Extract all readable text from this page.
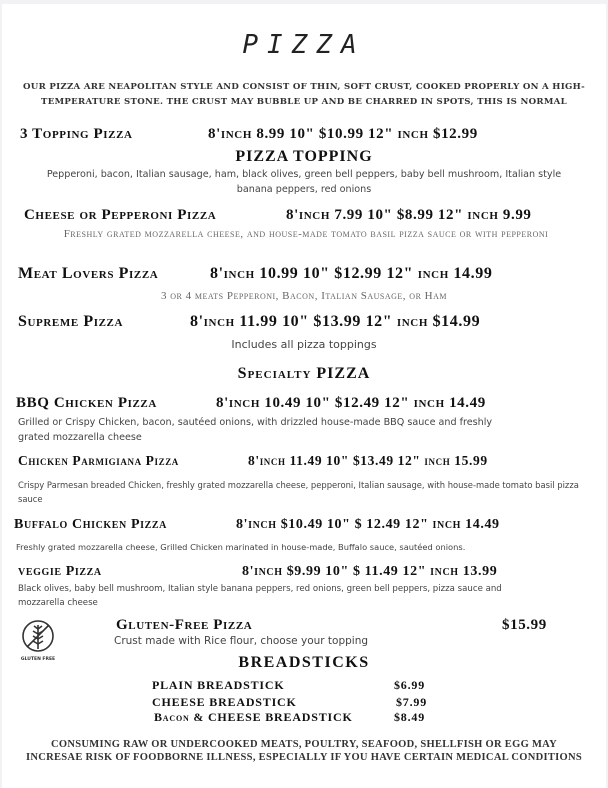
PIZZA
OUR PIZZA ARE NEAPOLITAN STYLE AND CONSIST OF THIN, SOFT CRUST, COOKED PROPERLY ON A HIGH-TEMPERATURE STONE. THE CRUST MAY BUBBLE UP AND BE CHARRED IN SPOTS, THIS IS NORMAL
3 Topping Pizza	8'inch 8.99 10" $10.99 12" inch $12.99
PIZZA TOPPING
Pepperoni, bacon, Italian sausage, ham, black olives, green bell peppers, baby bell mushroom, Italian style banana peppers, red onions
Cheese or Pepperoni Pizza	8'inch 7.99 10" $8.99 12" inch 9.99
Freshly grated mozzarella cheese, and house-made tomato basil pizza sauce or with pepperoni
Meat Lovers Pizza	8'inch 10.99 10" $12.99 12" inch 14.99
3 or 4 meats Pepperoni, Bacon, Italian Sausage, or Ham
Supreme Pizza	8'inch 11.99 10" $13.99 12" inch $14.99
Includes all pizza toppings
Specialty PIZZA
BBQ Chicken Pizza	8'inch 10.49 10" $12.49 12" inch 14.49
Grilled or Crispy Chicken, bacon, sautéed onions, with drizzled house-made BBQ sauce and freshly grated mozzarella cheese
Chicken Parmigiana Pizza	8'inch 11.49 10" $13.49 12" inch 15.99
Crispy Parmesan breaded Chicken, freshly grated mozzarella cheese, pepperoni, Italian sausage, with house-made tomato basil pizza sauce
Buffalo Chicken Pizza	8'inch $10.49 10" $ 12.49 12" inch 14.49
Freshly grated mozzarella cheese, Grilled Chicken marinated in house-made, Buffalo sauce, sautéed onions.
veggie Pizza	8'inch $9.99 10" $ 11.49 12" inch 13.99
Black olives, baby bell mushroom, Italian style banana peppers, red onions, green bell peppers, pizza sauce and mozzarella cheese
GLUTEN FREE
Gluten-Free Pizza	$15.99
Crust made with Rice flour, choose your topping
BREADSTICKS
PLAIN BREADSTICK	$6.99
CHEESE BREADSTICK	$7.99
Bacon & CHEESE BREADSTICK	$8.49
CONSUMING RAW OR UNDERCOOKED MEATS, POULTRY, SEAFOOD, SHELLFISH OR EGG MAY INCRESAE RISK OF FOODBORNE ILLNESS, ESPECIALLY IF YOU HAVE CERTAIN MEDICAL CONDITIONS
